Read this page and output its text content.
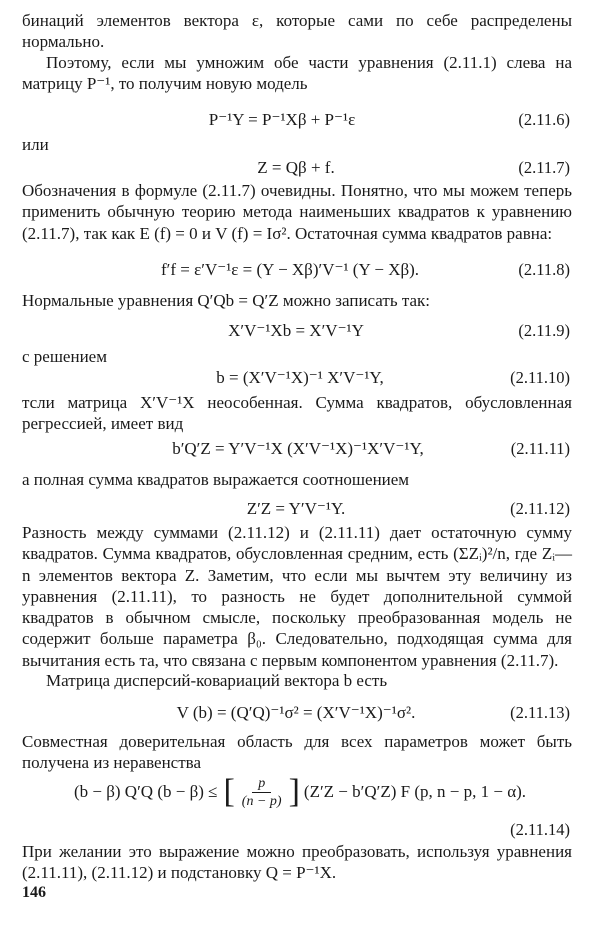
бинаций элементов вектора ε, которые сами по себе распределены нормально.

Поэтому, если мы умножим обе части уравнения (2.11.1) слева на матрицу P⁻¹, то получим новую модель

P⁻¹Y = P⁻¹Xβ + P⁻¹ε	(2.11.6)

или

Z = Qβ + f.	(2.11.7)

Обозначения в формуле (2.11.7) очевидны. Понятно, что мы можем теперь применить обычную теорию метода наименьших квадратов к уравнению (2.11.7), так как E (f) = 0 и V (f) = Iσ². Остаточная сумма квадратов равна:

f′f = ε′V⁻¹ε = (Y − Xβ)′V⁻¹ (Y − Xβ).	(2.11.8)

Нормальные уравнения Q′Qb = Q′Z можно записать так:

X′V⁻¹Xb = X′V⁻¹Y	(2.11.9)

с решением

b = (X′V⁻¹X)⁻¹ X′V⁻¹Y,	(2.11.10)

тсли матрица X′V⁻¹X неособенная. Сумма квадратов, обусловленная регрессией, имеет вид

b′Q′Z = Y′V⁻¹X (X′V⁻¹X)⁻¹X′V⁻¹Y,	(2.11.11)

а полная сумма квадратов выражается соотношением

Z′Z = Y′V⁻¹Y.	(2.11.12)

Разность между суммами (2.11.12) и (2.11.11) дает остаточную сумму квадратов. Сумма квадратов, обусловленная средним, есть (ΣZᵢ)²/n, где Zᵢ—n элементов вектора Z. Заметим, что если мы вычтем эту величину из уравнения (2.11.11), то разность не будет дополнительной суммой квадратов в обычном смысле, поскольку преобразованная модель не содержит больше параметра β₀. Следовательно, подходящая сумма для вычитания есть та, что связана с первым компонентом уравнения (2.11.7).

Матрица дисперсий-ковариаций вектора b есть

V (b) = (Q′Q)⁻¹σ² = (X′V⁻¹X)⁻¹σ².	(2.11.13)

Совместная доверительная область для всех параметров может быть получена из неравенства

(b − β) Q′Q (b − β) ≤ [ $\frac{p}{(n - p)}$ ] (Z′Z − b′Q′Z) F (p, n − p, 1 − α).
(2.11.14)

При желании это выражение можно преобразовать, используя уравнения (2.11.11), (2.11.12) и подстановку Q = P⁻¹X.

146
